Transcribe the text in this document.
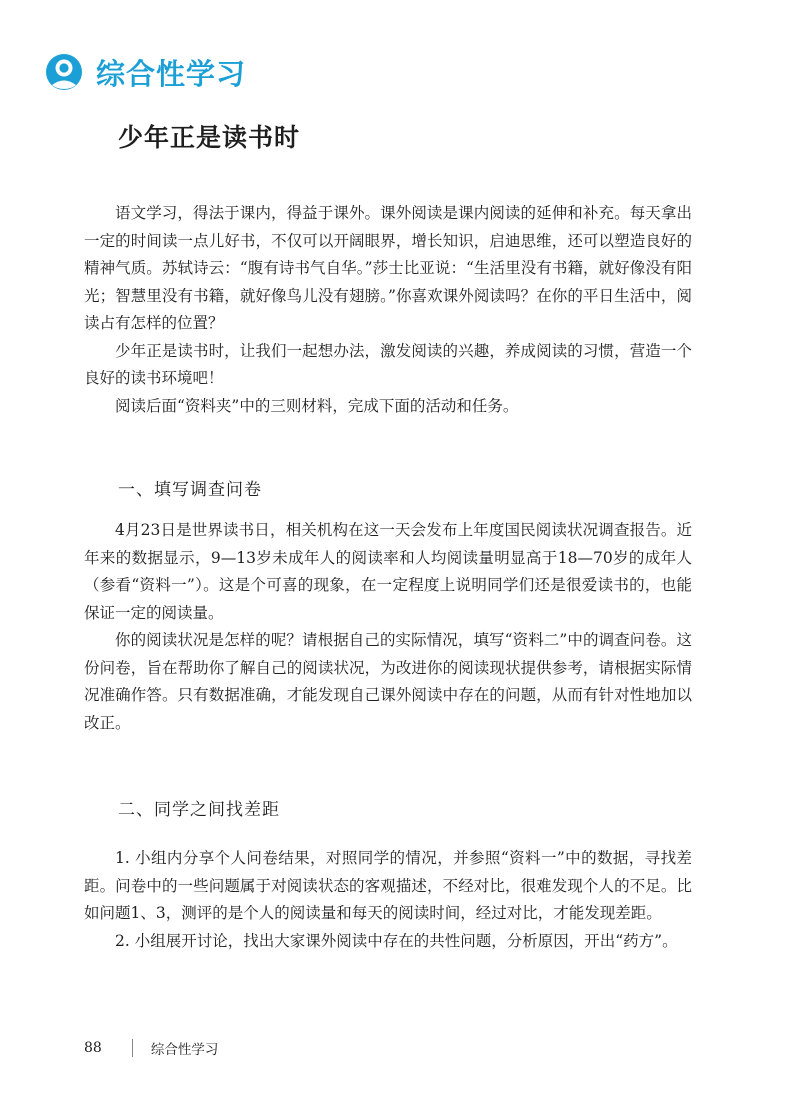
综合性学习
少年正是读书时

语文学习，得法于课内，得益于课外。课外阅读是课内阅读的延伸和补充。每天拿出一定的时间读一点儿好书，不仅可以开阔眼界，增长知识，启迪思维，还可以塑造良好的精神气质。苏轼诗云：“腹有诗书气自华。”莎士比亚说：“生活里没有书籍，就好像没有阳光；智慧里没有书籍，就好像鸟儿没有翅膀。”你喜欢课外阅读吗？在你的平日生活中，阅读占有怎样的位置？

少年正是读书时，让我们一起想办法，激发阅读的兴趣，养成阅读的习惯，营造一个良好的读书环境吧！

阅读后面“资料夹”中的三则材料，完成下面的活动和任务。

一、填写调查问卷

4月23日是世界读书日，相关机构在这一天会发布上年度国民阅读状况调查报告。近年来的数据显示，9—13岁未成年人的阅读率和人均阅读量明显高于18—70岁的成年人（参看“资料一”）。这是个可喜的现象，在一定程度上说明同学们还是很爱读书的，也能保证一定的阅读量。

你的阅读状况是怎样的呢？请根据自己的实际情况，填写“资料二”中的调查问卷。这份问卷，旨在帮助你了解自己的阅读状况，为改进你的阅读现状提供参考，请根据实际情况准确作答。只有数据准确，才能发现自己课外阅读中存在的问题，从而有针对性地加以改正。

二、同学之间找差距

1. 小组内分享个人问卷结果，对照同学的情况，并参照“资料一”中的数据，寻找差距。问卷中的一些问题属于对阅读状态的客观描述，不经对比，很难发现个人的不足。比如问题1、3，测评的是个人的阅读量和每天的阅读时间，经过对比，才能发现差距。

2. 小组展开讨论，找出大家课外阅读中存在的共性问题，分析原因，开出“药方”。

88	综合性学习
